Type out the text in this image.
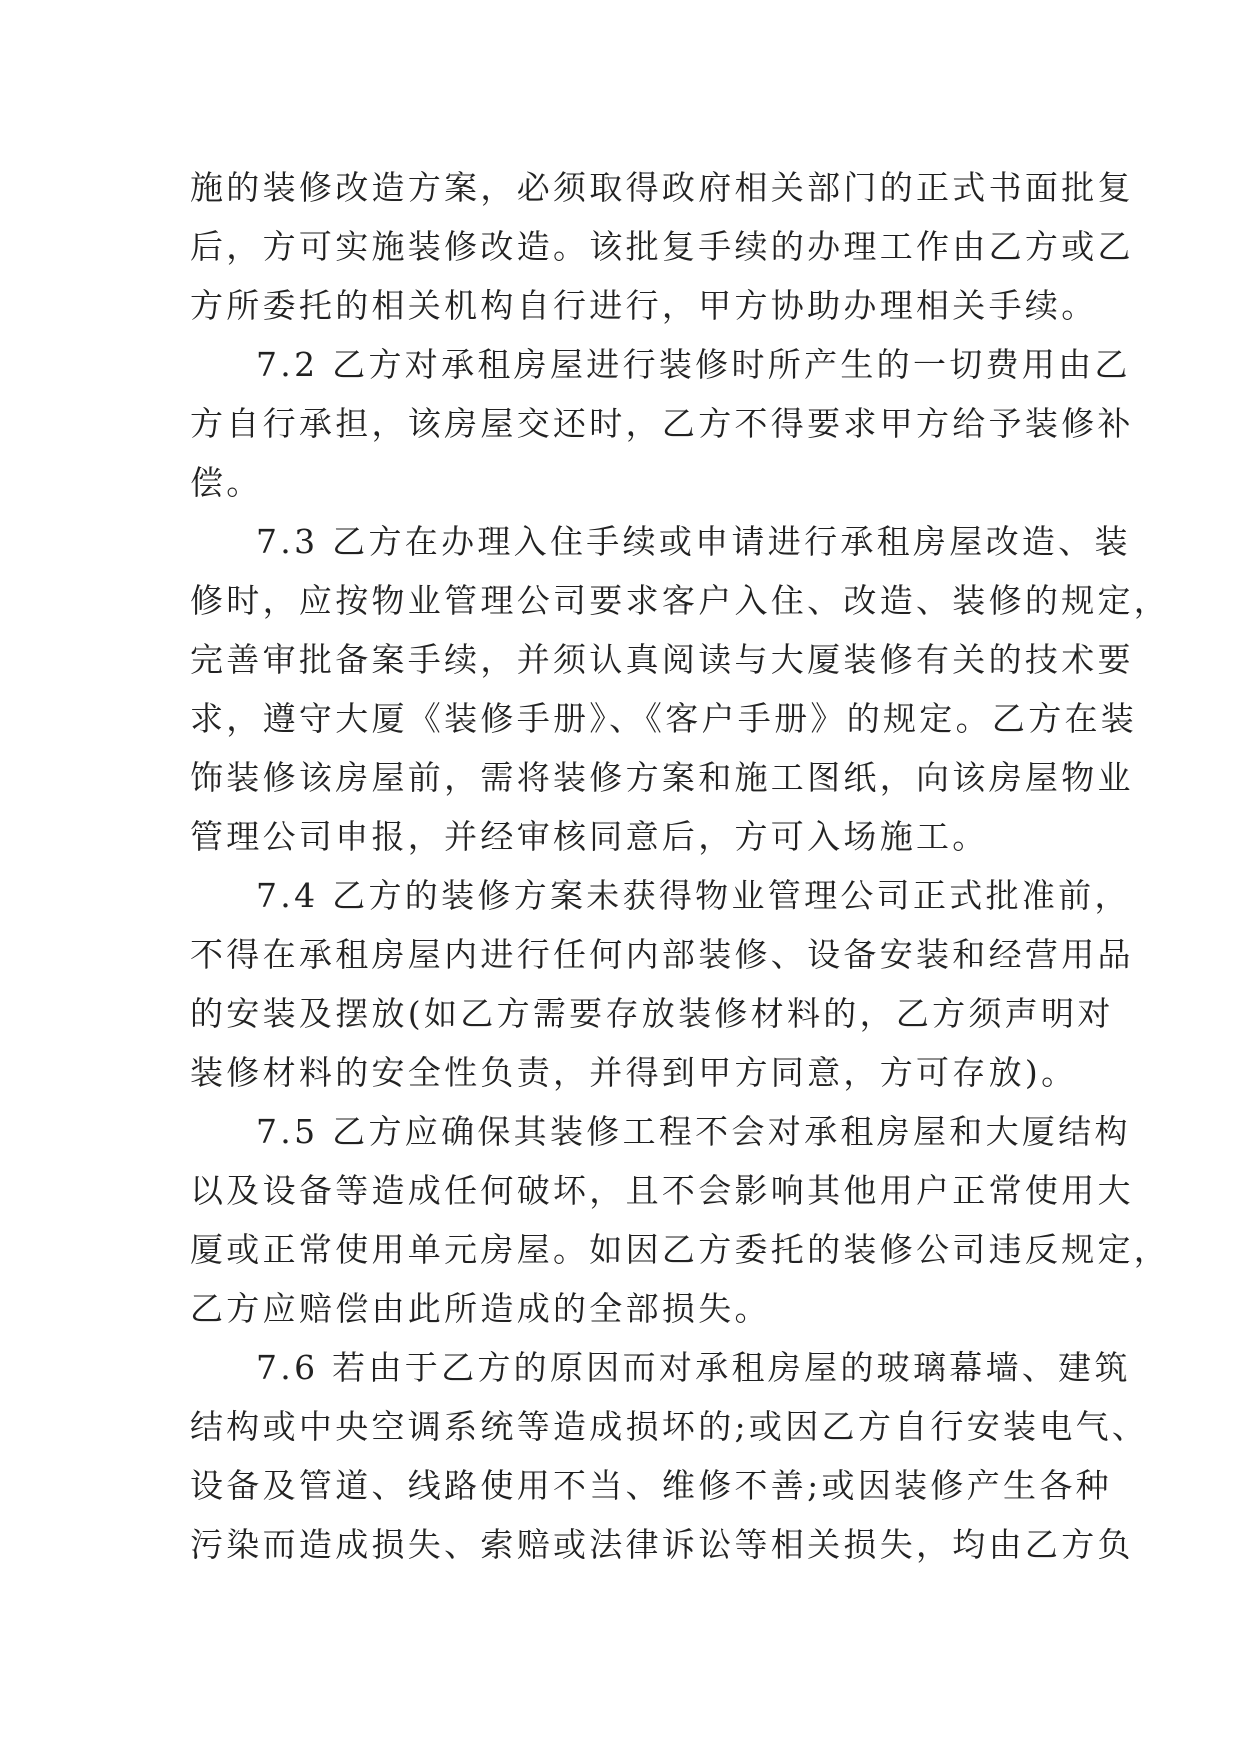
施的装修改造方案，必须取得政府相关部门的正式书面批复
后，方可实施装修改造。该批复手续的办理工作由乙方或乙
方所委托的相关机构自行进行，甲方协助办理相关手续。
7.2 乙方对承租房屋进行装修时所产生的一切费用由乙
方自行承担，该房屋交还时，乙方不得要求甲方给予装修补
偿。
7.3 乙方在办理入住手续或申请进行承租房屋改造、装
修时，应按物业管理公司要求客户入住、改造、装修的规定，
完善审批备案手续，并须认真阅读与大厦装修有关的技术要
求，遵守大厦《装修手册》、《客户手册》的规定。乙方在装
饰装修该房屋前，需将装修方案和施工图纸，向该房屋物业
管理公司申报，并经审核同意后，方可入场施工。
7.4 乙方的装修方案未获得物业管理公司正式批准前，
不得在承租房屋内进行任何内部装修、设备安装和经营用品
的安装及摆放(如乙方需要存放装修材料的，乙方须声明对
装修材料的安全性负责，并得到甲方同意，方可存放)。
7.5 乙方应确保其装修工程不会对承租房屋和大厦结构
以及设备等造成任何破坏，且不会影响其他用户正常使用大
厦或正常使用单元房屋。如因乙方委托的装修公司违反规定，
乙方应赔偿由此所造成的全部损失。
7.6 若由于乙方的原因而对承租房屋的玻璃幕墙、建筑
结构或中央空调系统等造成损坏的;或因乙方自行安装电气、
设备及管道、线路使用不当、维修不善;或因装修产生各种
污染而造成损失、索赔或法律诉讼等相关损失，均由乙方负
